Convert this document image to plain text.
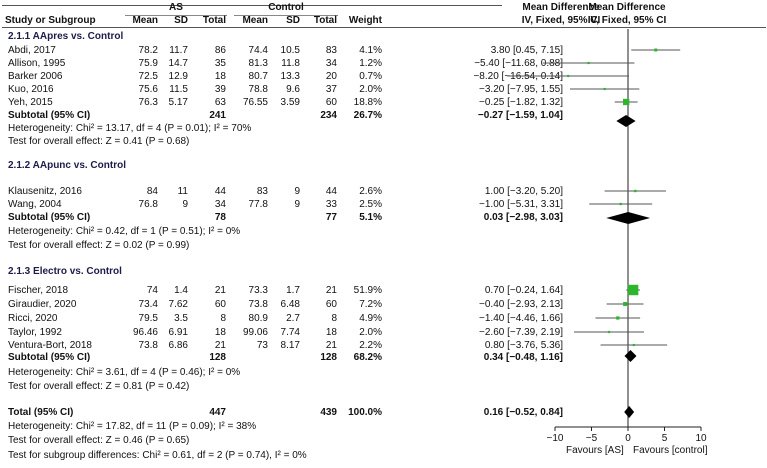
AS	Control	Mean Difference
Mean Difference
Study or Subgroup	Mean	SD	Total	Mean	SD	Total	Weight	IV, Fixed, 95% CI
IV, Fixed, 95% CI
2.1.1 AApres vs. Control
Abdi, 2017	78.2	11.7	86	74.4	10.5	83	4.1%	3.80 [0.45, 7.15]
Allison, 1995	75.9	14.7	35	81.3	11.8	34	1.2%	−5.40 [−11.68, 0.88]
Barker 2006	72.5	12.9	18	80.7	13.3	20	0.7%	−8.20 [−16.54, 0.14]
Kuo, 2016	75.6	11.5	39	78.8	9.6	37	2.0%	−3.20 [−7.95, 1.55]
Yeh, 2015	76.3	5.17	63	76.55	3.59	60	18.8%	−0.25 [−1.82, 1.32]
Subtotal (95% CI)	241	234	26.7%	−0.27 [−1.59, 1.04]
Heterogeneity: Chi² = 13.17, df = 4 (P = 0.01); I² = 70%
Test for overall effect: Z = 0.41 (P = 0.68)
2.1.2 AApunc vs. Control
Klausenitz, 2016	84	11	44	83	9	44	2.6%	1.00 [−3.20, 5.20]
Wang, 2004	76.8	9	34	77.8	9	33	2.5%	−1.00 [−5.31, 3.31]
Subtotal (95% CI)	78	77	5.1%	0.03 [−2.98, 3.03]
Heterogeneity: Chi² = 0.42, df = 1 (P = 0.51); I² = 0%
Test for overall effect: Z = 0.02 (P = 0.99)
2.1.3 Electro vs. Control
Fischer, 2018	74	1.4	21	73.3	1.7	21	51.9%	0.70 [−0.24, 1.64]
Giraudier, 2020	73.4	7.62	60	73.8	6.48	60	7.2%	−0.40 [−2.93, 2.13]
Ricci, 2020	79.5	3.5	8	80.9	2.7	8	4.9%	−1.40 [−4.46, 1.66]
Taylor, 1992	96.46	6.91	18	99.06	7.74	18	2.0%	−2.60 [−7.39, 2.19]
Ventura-Bort, 2018	73.8	6.86	21	73	8.17	21	2.2%	0.80 [−3.76, 5.36]
Subtotal (95% CI)	128	128	68.2%	0.34 [−0.48, 1.16]
Heterogeneity: Chi² = 3.61, df = 4 (P = 0.46); I² = 0%
Test for overall effect: Z = 0.81 (P = 0.42)
Total (95% CI)	447	439	100.0%	0.16 [−0.52, 0.84]
Heterogeneity: Chi² = 17.82, df = 11 (P = 0.09); I² = 38%
Test for overall effect: Z = 0.46 (P = 0.65)
Test for subgroup differences: Chi² = 0.61, df = 2 (P = 0.74), I² = 0%	Favours [AS] Favours [control]
−10 −5	0	5	10
